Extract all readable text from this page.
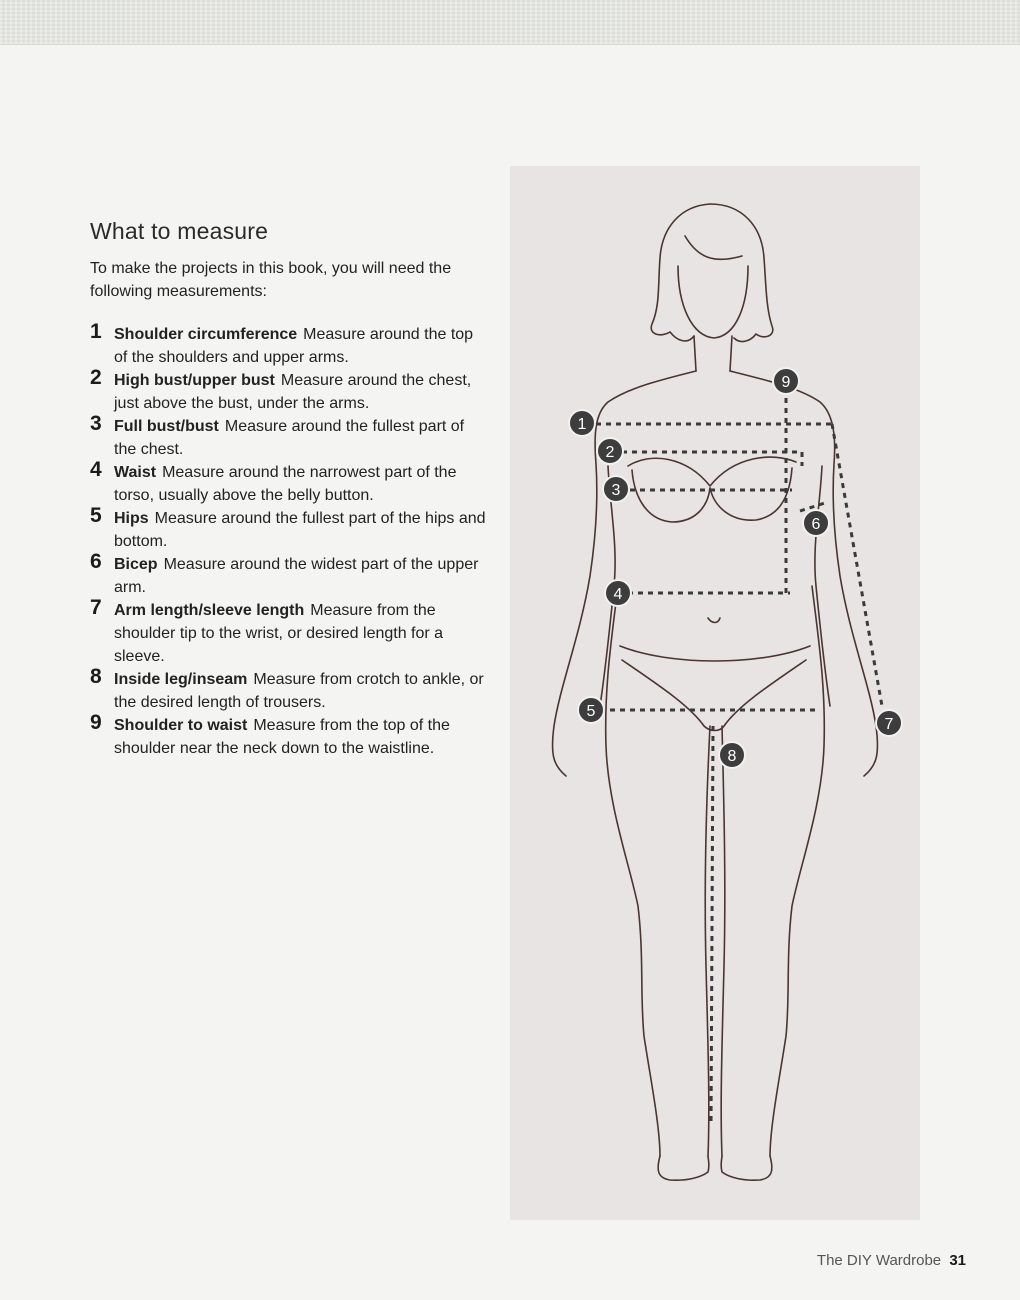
What to measure

To make the projects in this book, you will need the following measurements:

1 Shoulder circumference Measure around the top of the shoulders and upper arms.
2 High bust/upper bust Measure around the chest, just above the bust, under the arms.
3 Full bust/bust Measure around the fullest part of the chest.
4 Waist Measure around the narrowest part of the torso, usually above the belly button.
5 Hips Measure around the fullest part of the hips and bottom.
6 Bicep Measure around the widest part of the upper arm.
7 Arm length/sleeve length Measure from the shoulder tip to the wrist, or desired length for a sleeve.
8 Inside leg/inseam Measure from crotch to ankle, or the desired length of trousers.
9 Shoulder to waist Measure from the top of the shoulder near the neck down to the waistline.
1
2
3
4
5
6
7
8
9
The DIY Wardrobe 31
